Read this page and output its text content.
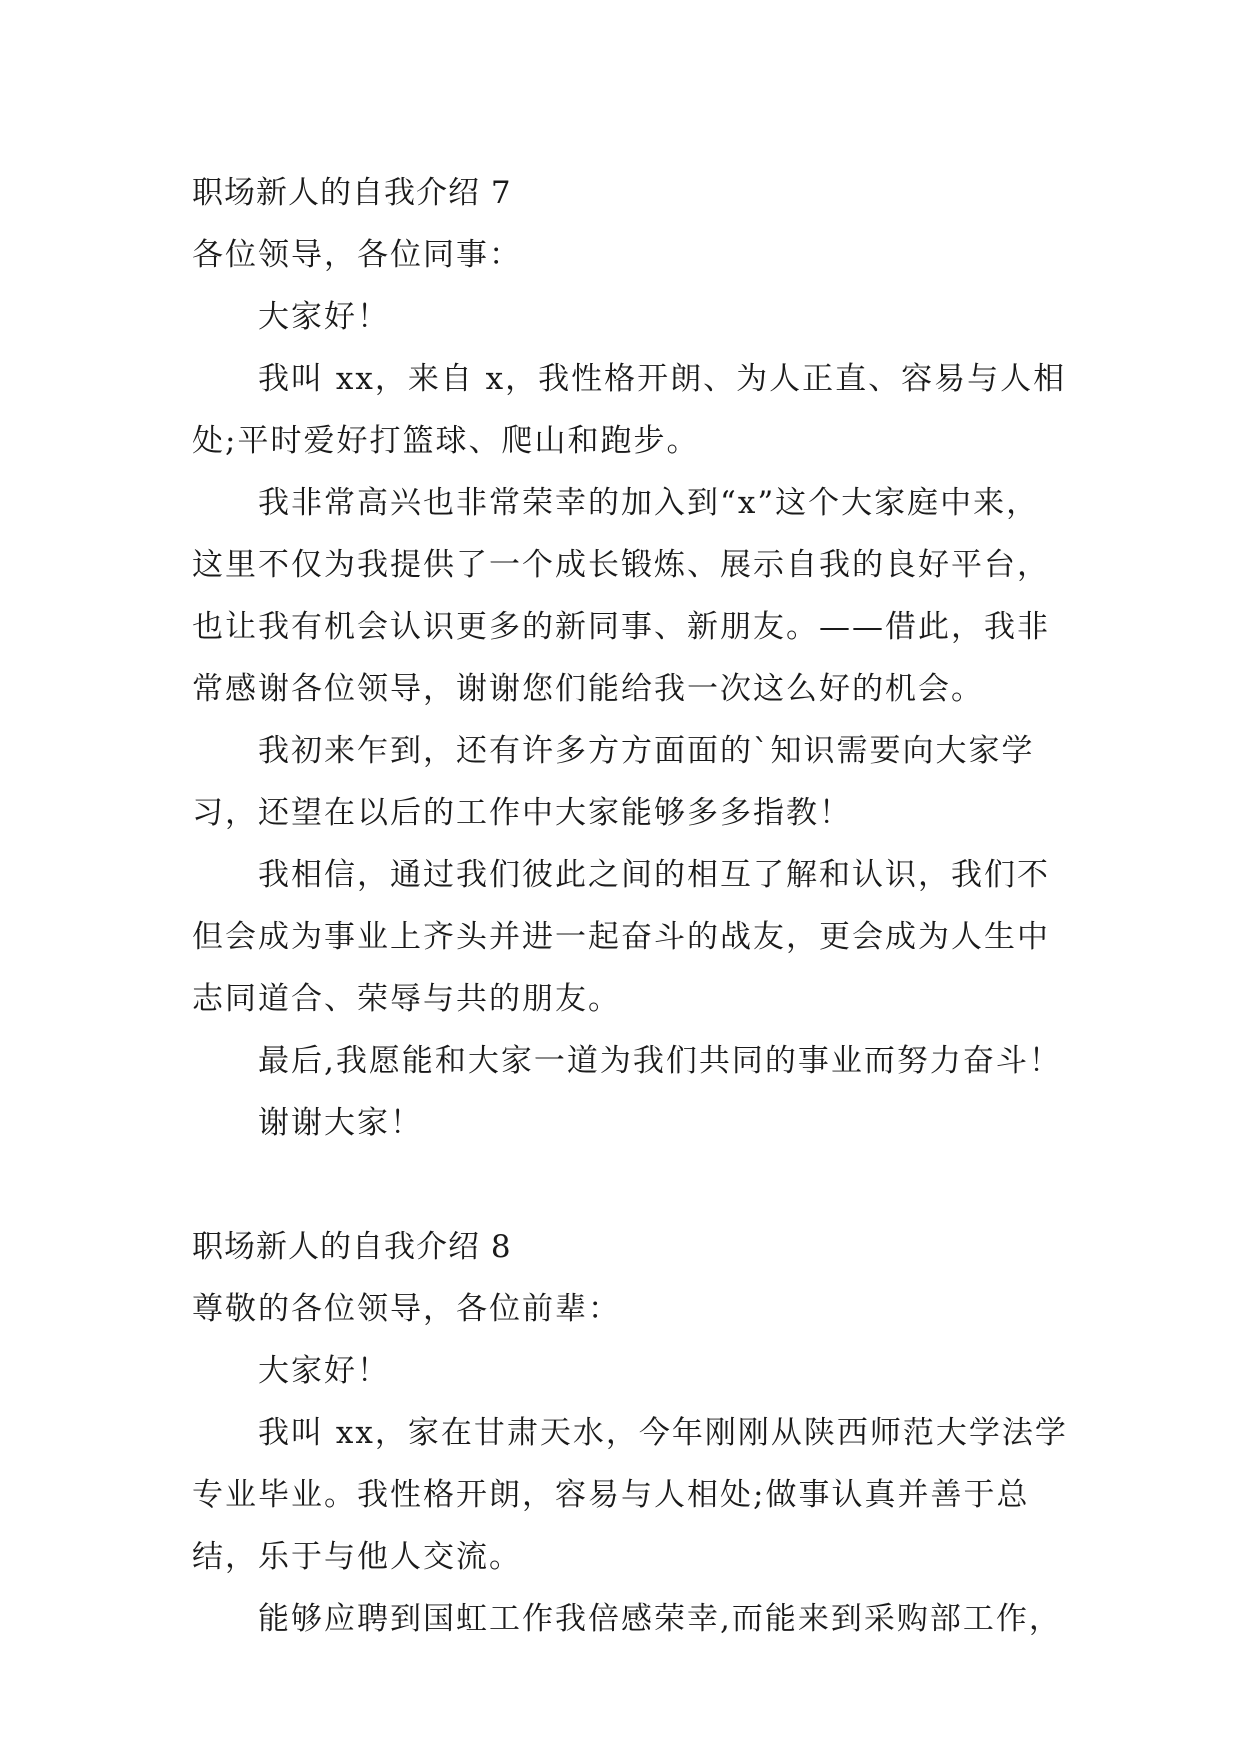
职场新人的自我介绍 7

各位领导，各位同事：

大家好！

我叫 xx，来自 x，我性格开朗、为人正直、容易与人相

处;平时爱好打篮球、爬山和跑步。

我非常高兴也非常荣幸的加入到“x”这个大家庭中来，

这里不仅为我提供了一个成长锻炼、展示自我的良好平台，

也让我有机会认识更多的新同事、新朋友。——借此，我非

常感谢各位领导，谢谢您们能给我一次这么好的机会。

我初来乍到，还有许多方方面面的`知识需要向大家学

习，还望在以后的工作中大家能够多多指教！

我相信，通过我们彼此之间的相互了解和认识，我们不

但会成为事业上齐头并进一起奋斗的战友，更会成为人生中

志同道合、荣辱与共的朋友。

最后,我愿能和大家一道为我们共同的事业而努力奋斗！

谢谢大家！

职场新人的自我介绍 8

尊敬的各位领导，各位前辈：

大家好！

我叫 xx，家在甘肃天水，今年刚刚从陕西师范大学法学

专业毕业。我性格开朗，容易与人相处;做事认真并善于总

结，乐于与他人交流。

能够应聘到国虹工作我倍感荣幸,而能来到采购部工作，
